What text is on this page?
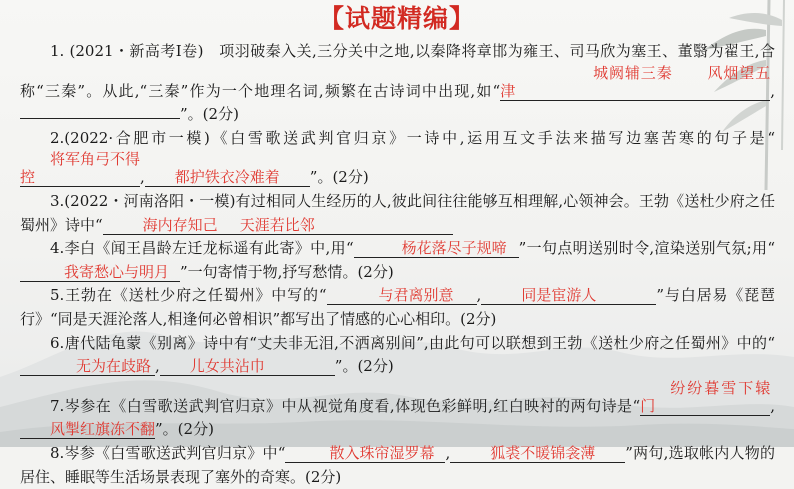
【试题精编】

1. (2021・新高考Ⅰ卷)　项羽破秦入关,三分关中之地,以秦降将章邯为雍王、司马欣为塞王、董翳为翟王,合称“三秦”。从此,“三秦”作为一个地理名词,频繁在古诗词中出现,如“城阙辅三秦 风烟望五津	,”。(2分)

2.(2022·合肥市一模)《白雪歌送武判官归京》一诗中,运用互文手法来描写边塞苦寒的句子是“将军角弓不得控	, 都护铁衣冷难着 ”。(2分)

3.(2022・河南洛阳・一模)有过相同人生经历的人,彼此间往往能够互相理解,心领神会。王勃《送杜少府之任蜀州》诗中“	海内存知己 天涯若比邻

4.李白《闻王昌龄左迁龙标遥有此寄》中,用“	杨花落尽子规啼 ”一句点明送别时令,渲染送别气氛;用“我寄愁心与明月 ”一句寄情于物,抒写愁情。(2分)

5.王勃在《送杜少府之任蜀州》中写的“	与君离别意 ,	同是宦游人	”与白居易《琵琶行》“同是天涯沦落人,相逢何必曾相识”都写出了情感的心心相印。(2分)

6.唐代陆龟蒙《别离》诗中有“丈夫非无泪,不洒离别间”,由此句可以联想到王勃《送杜少府之任蜀州》中的“无为在歧路 , 儿女共沾巾	”。(2分)

7.岑参在《白雪歌送武判官归京》中从视觉角度看,体现色彩鲜明,红白映衬的两句诗是“纷纷暮雪下辕门	,风掣红旗冻不翻”。(2分)

8.岑参《白雪歌送武判官归京》中“	散入珠帘湿罗幕 ,	狐裘不暖锦衾薄 ”两句,选取帐内人物的居住、睡眠等生活场景表现了塞外的奇寒。(2分)
